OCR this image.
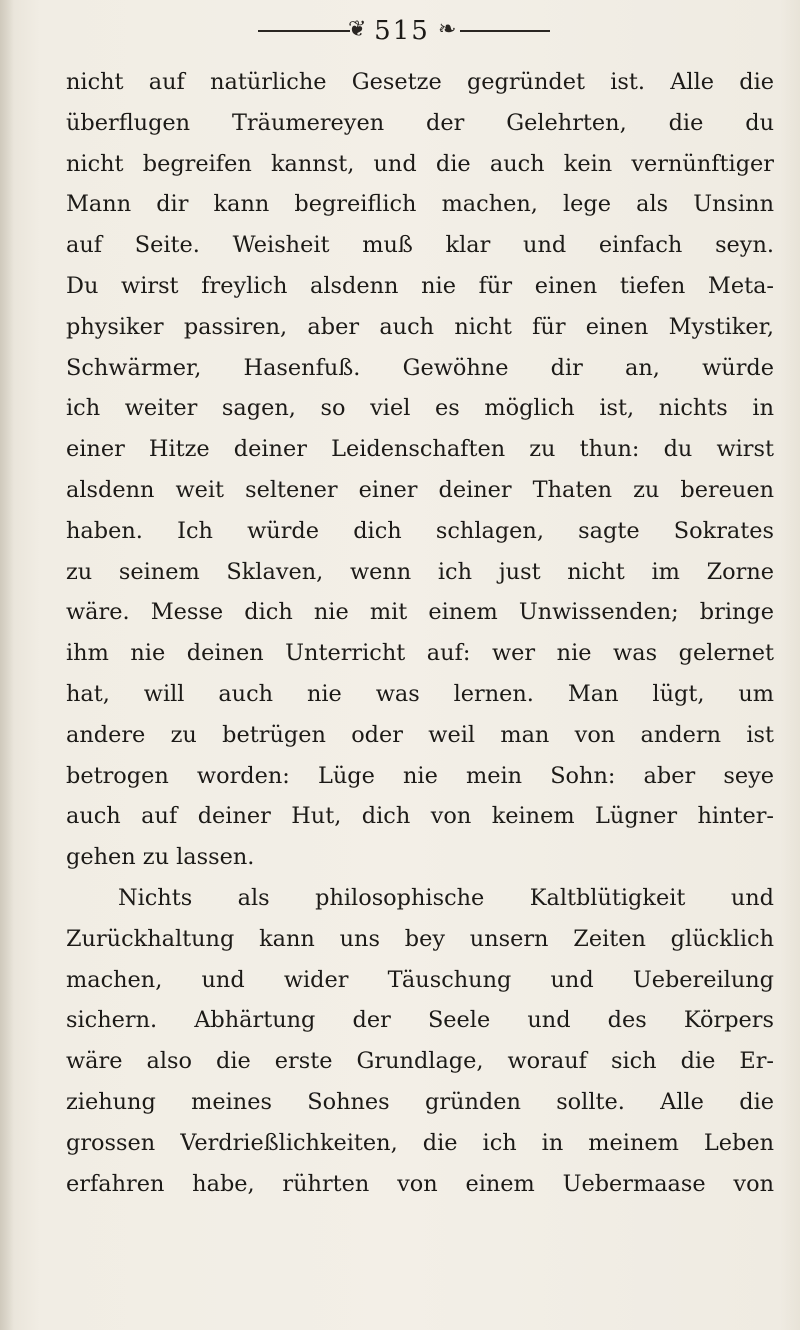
❦ 515 ❧
nicht auf natürliche Gesetze gegründet ist. Alle die
überflugen Träumereyen der Gelehrten, die du
nicht begreifen kannst, und die auch kein vernünftiger
Mann dir kann begreiflich machen, lege als Unsinn
auf Seite. Weisheit muß klar und einfach seyn.
Du wirst freylich alsdenn nie für einen tiefen Meta-
physiker passiren, aber auch nicht für einen Mystiker,
Schwärmer, Hasenfuß. Gewöhne dir an, würde
ich weiter sagen, so viel es möglich ist, nichts in
einer Hitze deiner Leidenschaften zu thun: du wirst
alsdenn weit seltener einer deiner Thaten zu bereuen
haben. Ich würde dich schlagen, sagte Sokrates
zu seinem Sklaven, wenn ich just nicht im Zorne
wäre. Messe dich nie mit einem Unwissenden; bringe
ihm nie deinen Unterricht auf: wer nie was gelernet
hat, will auch nie was lernen. Man lügt, um
andere zu betrügen oder weil man von andern ist
betrogen worden: Lüge nie mein Sohn: aber seye
auch auf deiner Hut, dich von keinem Lügner hinter-
gehen zu lassen.
Nichts als philosophische Kaltblütigkeit und
Zurückhaltung kann uns bey unsern Zeiten glücklich
machen, und wider Täuschung und Uebereilung
sichern. Abhärtung der Seele und des Körpers
wäre also die erste Grundlage, worauf sich die Er-
ziehung meines Sohnes gründen sollte. Alle die
grossen Verdrießlichkeiten, die ich in meinem Leben
erfahren habe, rührten von einem Uebermaase von
